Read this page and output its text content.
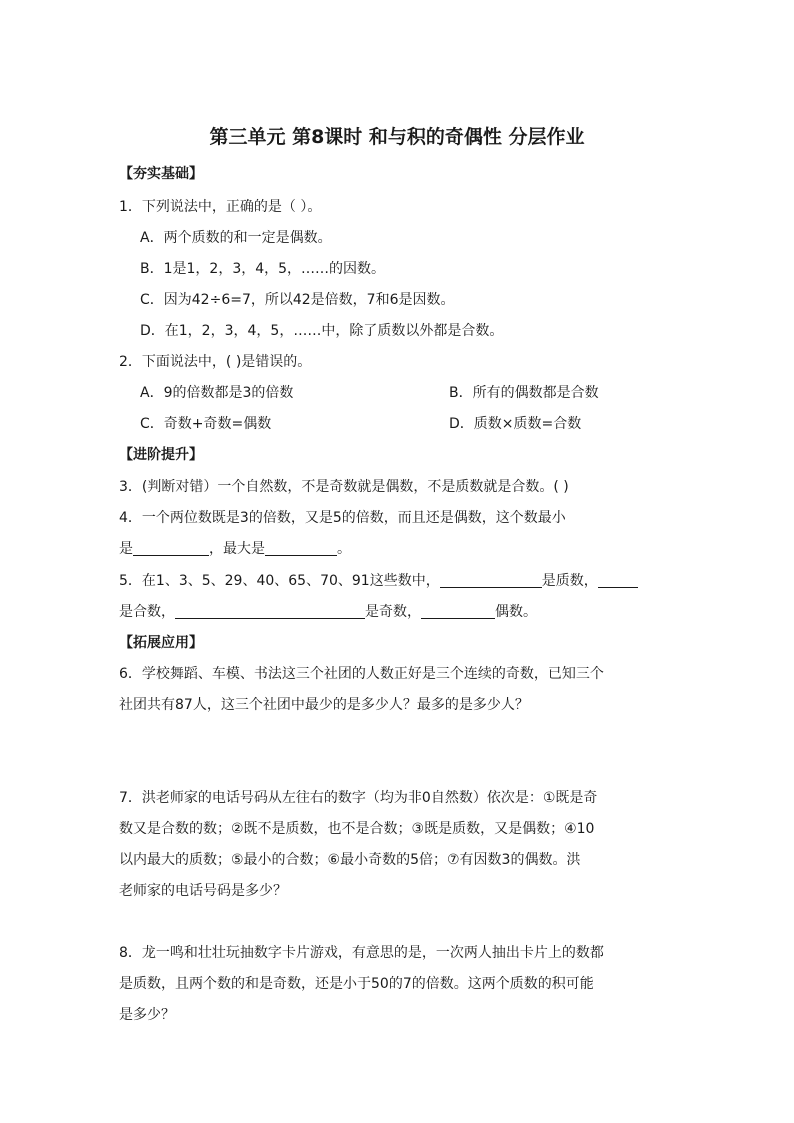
第三单元 第8课时 和与积的奇偶性 分层作业
【夯实基础】
1．下列说法中，正确的是（ ）。
A．两个质数的和一定是偶数。
B．1是1，2，3，4，5，……的因数。
C．因为42÷6=7，所以42是倍数，7和6是因数。
D．在1，2，3，4，5，……中，除了质数以外都是合数。
2．下面说法中，( )是错误的。
A．9的倍数都是3的倍数	B．所有的偶数都是合数
C．奇数+奇数=偶数	D．质数×质数=合数
【进阶提升】
3．(判断对错）一个自然数，不是奇数就是偶数，不是质数就是合数。( )
4．一个两位数既是3的倍数，又是5的倍数，而且还是偶数，这个数最小
是	，最大是	。
5．在1、3、5、29、40、65、70、91这些数中，	是质数，
是合数，	是奇数，	偶数。
【拓展应用】
6．学校舞蹈、车模、书法这三个社团的人数正好是三个连续的奇数，已知三个
社团共有87人，这三个社团中最少的是多少人？最多的是多少人？
7．洪老师家的电话号码从左往右的数字（均为非0自然数）依次是：①既是奇
数又是合数的数；②既不是质数，也不是合数；③既是质数，又是偶数；④10
以内最大的质数；⑤最小的合数；⑥最小奇数的5倍；⑦有因数3的偶数。洪
老师家的电话号码是多少？
8．龙一鸣和壮壮玩抽数字卡片游戏，有意思的是，一次两人抽出卡片上的数都
是质数，且两个数的和是奇数，还是小于50的7的倍数。这两个质数的积可能
是多少？
